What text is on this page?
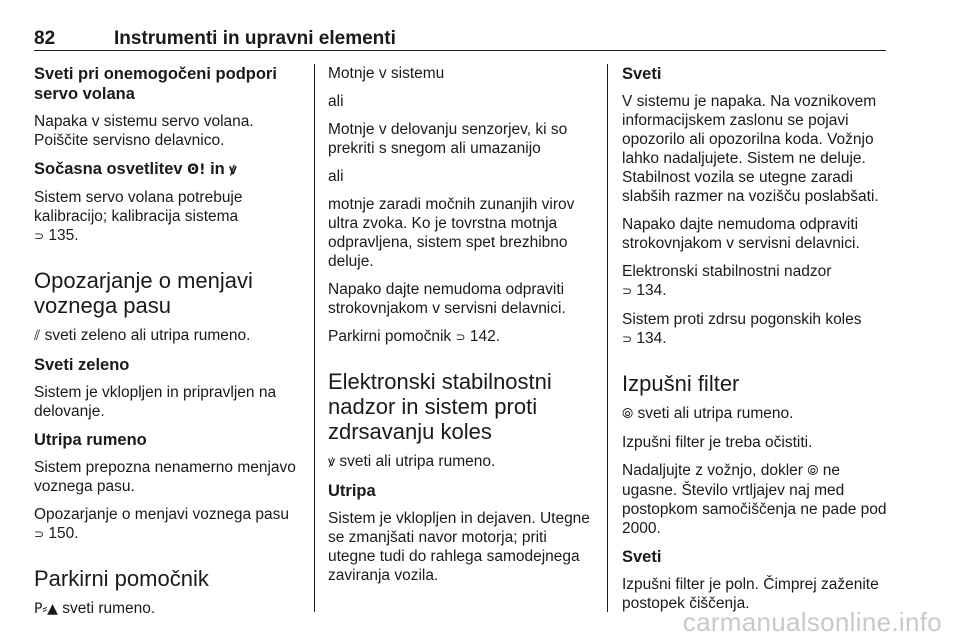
82	Instrumenti in upravni elementi
Sveti pri onemogočeni podpori servo volana

Napaka v sistemu servo volana. Poiščite servisno delavnico.

Sočasna osvetlitev Ꙩ! in ꝟ

Sistem servo volana potrebuje kalibracijo; kalibracija sistema
⊃ 135.

Opozarjanje o menjavi voznega pasu

⫽ sveti zeleno ali utripa rumeno.

Sveti zeleno

Sistem je vklopljen in pripravljen na delovanje.

Utripa rumeno

Sistem prepozna nenamerno menjavo voznega pasu.

Opozarjanje o menjavi voznega pasu
⊃ 150.

Parkirni pomočnik

P⸗▲ sveti rumeno.

Motnje v sistemu

ali

Motnje v delovanju senzorjev, ki so prekriti s snegom ali umazanijo

ali

motnje zaradi močnih zunanjih virov ultra zvoka. Ko je tovrstna motnja odpravljena, sistem spet brezhibno deluje.

Napako dajte nemudoma odpraviti strokovnjakom v servisni delavnici.

Parkirni pomočnik ⊃ 142.

Elektronski stabilnostni nadzor in sistem proti zdrsavanju koles

ꝟ sveti ali utripa rumeno.

Utripa

Sistem je vklopljen in dejaven. Utegne se zmanjšati navor motorja; priti utegne tudi do rahlega samodejnega zaviranja vozila.

Sveti

V sistemu je napaka. Na voznikovem informacijskem zaslonu se pojavi opozorilo ali opozorilna koda. Vožnjo lahko nadaljujete. Sistem ne deluje. Stabilnost vozila se utegne zaradi slabših razmer na vozišču poslabšati.

Napako dajte nemudoma odpraviti strokovnjakom v servisni delavnici.

Elektronski stabilnostni nadzor
⊃ 134.

Sistem proti zdrsu pogonskih koles
⊃ 134.

Izpušni filter

⦾ sveti ali utripa rumeno.

Izpušni filter je treba očistiti.

Nadaljujte z vožnjo, dokler ⦾ ne ugasne. Število vrtljajev naj med postopkom samočiščenja ne pade pod 2000.

Sveti

Izpušni filter je poln. Čimprej zaženite postopek čiščenja.

carmanualsonline.info
